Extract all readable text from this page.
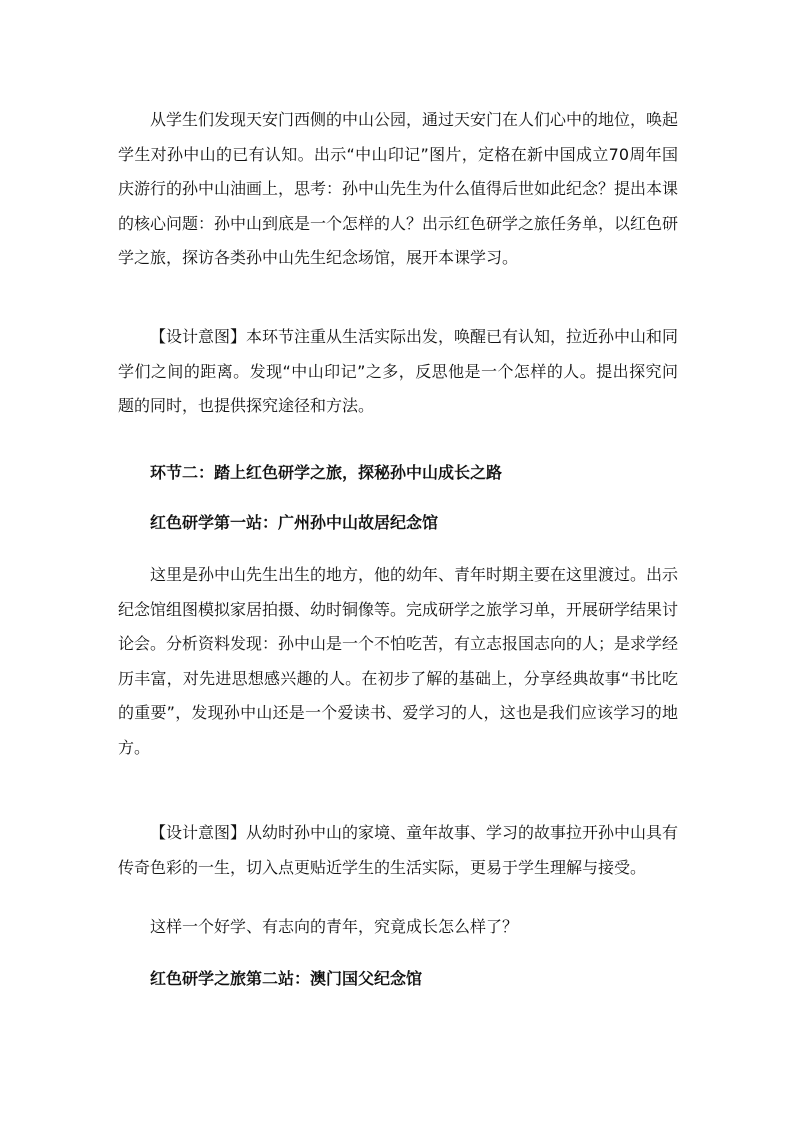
从学生们发现天安门西侧的中山公园，通过天安门在人们心中的地位，唤起学生对孙中山的已有认知。出示“中山印记”图片，定格在新中国成立70周年国庆游行的孙中山油画上，思考：孙中山先生为什么值得后世如此纪念？提出本课的核心问题：孙中山到底是一个怎样的人？出示红色研学之旅任务单，以红色研学之旅，探访各类孙中山先生纪念场馆，展开本课学习。

【设计意图】本环节注重从生活实际出发，唤醒已有认知，拉近孙中山和同学们之间的距离。发现“中山印记”之多，反思他是一个怎样的人。提出探究问题的同时，也提供探究途径和方法。

环节二：踏上红色研学之旅，探秘孙中山成长之路

红色研学第一站：广州孙中山故居纪念馆

这里是孙中山先生出生的地方，他的幼年、青年时期主要在这里渡过。出示纪念馆组图模拟家居拍摄、幼时铜像等。完成研学之旅学习单，开展研学结果讨论会。分析资料发现：孙中山是一个不怕吃苦，有立志报国志向的人；是求学经历丰富，对先进思想感兴趣的人。在初步了解的基础上，分享经典故事“书比吃的重要”，发现孙中山还是一个爱读书、爱学习的人，这也是我们应该学习的地方。

【设计意图】从幼时孙中山的家境、童年故事、学习的故事拉开孙中山具有传奇色彩的一生，切入点更贴近学生的生活实际，更易于学生理解与接受。

这样一个好学、有志向的青年，究竟成长怎么样了？

红色研学之旅第二站：澳门国父纪念馆
